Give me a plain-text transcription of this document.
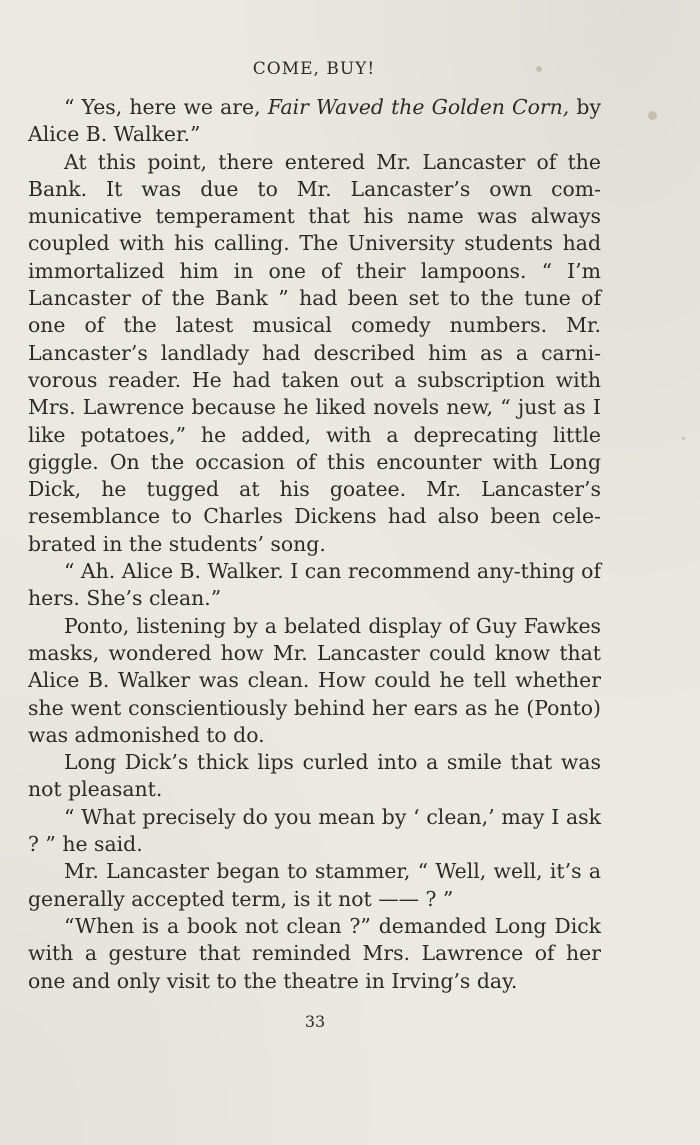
COME, BUY!

“ Yes, here we are, Fair Waved the Golden Corn, by Alice B. Walker.”

At this point, there entered Mr. Lancaster of the Bank. It was due to Mr. Lancaster’s own com-municative temperament that his name was always coupled with his calling. The University students had immortalized him in one of their lampoons. “ I’m Lancaster of the Bank ” had been set to the tune of one of the latest musical comedy numbers. Mr. Lancaster’s landlady had described him as a carni-vorous reader. He had taken out a subscription with Mrs. Lawrence because he liked novels new, “ just as I like potatoes,” he added, with a deprecating little giggle. On the occasion of this encounter with Long Dick, he tugged at his goatee. Mr. Lancaster’s resemblance to Charles Dickens had also been cele-brated in the students’ song.

“ Ah. Alice B. Walker. I can recommend any-thing of hers. She’s clean.”

Ponto, listening by a belated display of Guy Fawkes masks, wondered how Mr. Lancaster could know that Alice B. Walker was clean. How could he tell whether she went conscientiously behind her ears as he (Ponto) was admonished to do.

Long Dick’s thick lips curled into a smile that was not pleasant.

“ What precisely do you mean by ‘ clean,’ may I ask ? ” he said.

Mr. Lancaster began to stammer, “ Well, well, it’s a generally accepted term, is it not —— ? ”

“When is a book not clean ?” demanded Long Dick with a gesture that reminded Mrs. Lawrence of her one and only visit to the theatre in Irving’s day.

33
